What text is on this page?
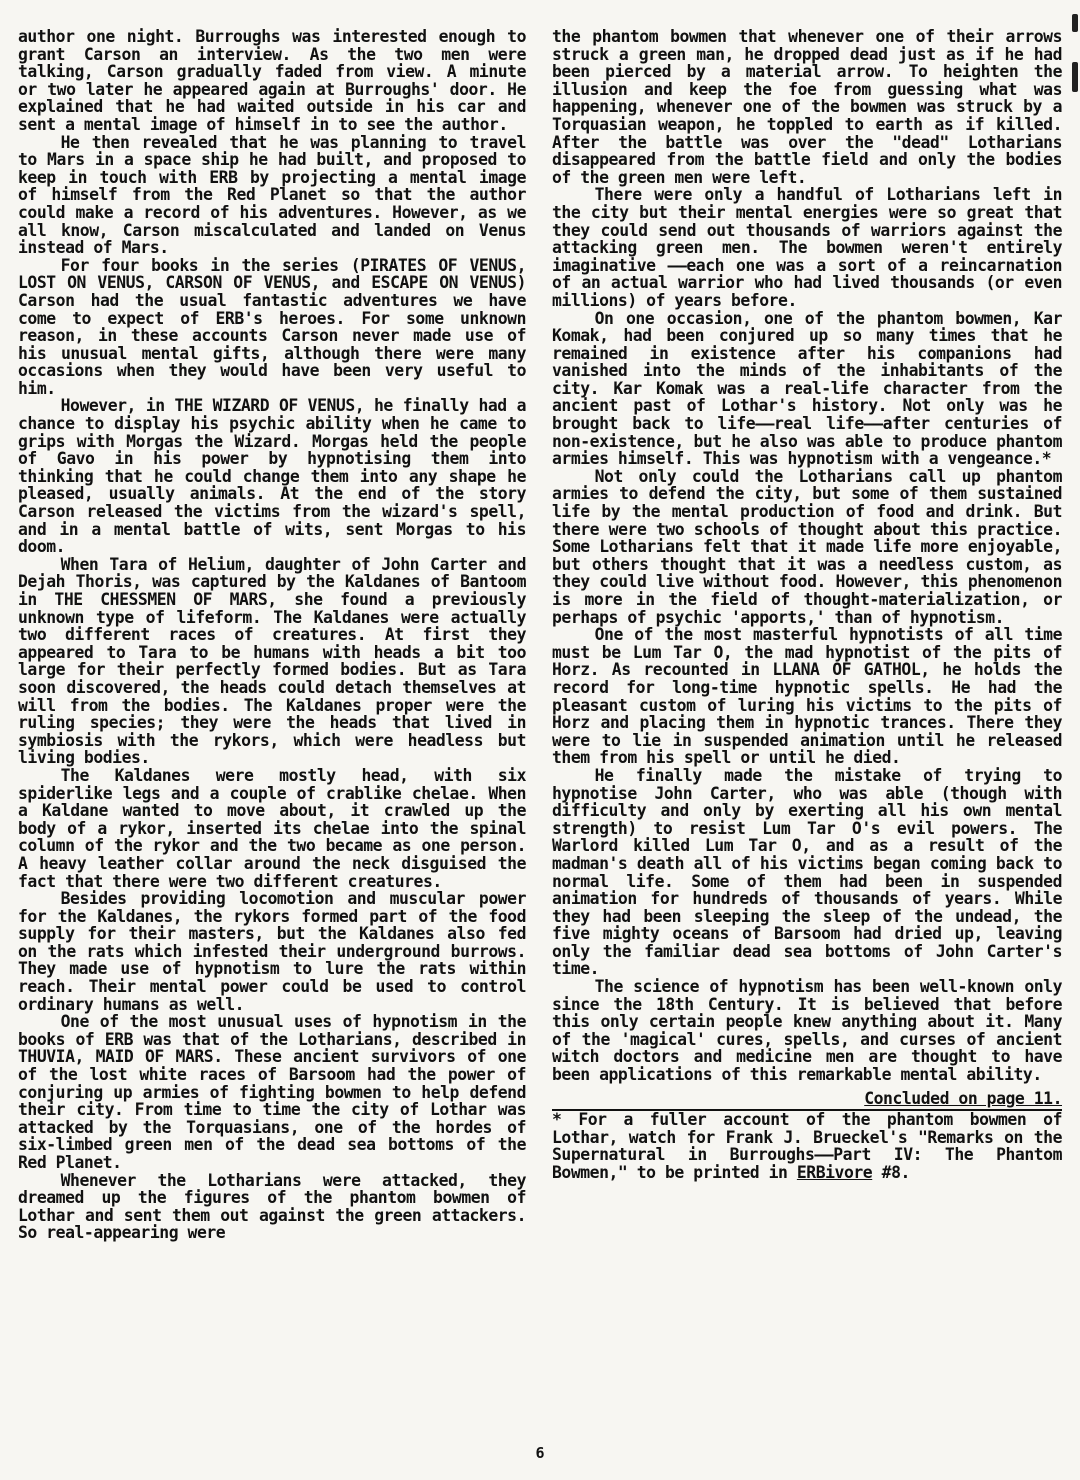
author one night. Burroughs was interested enough to grant Carson an interview. As the two men were talking, Carson gradually faded from view. A minute or two later he appeared again at Burroughs' door. He explained that he had waited outside in his car and sent a mental image of himself in to see the author.

He then revealed that he was planning to travel to Mars in a space ship he had built, and proposed to keep in touch with ERB by projecting a mental image of himself from the Red Planet so that the author could make a record of his adventures. However, as we all know, Carson miscalculated and landed on Venus instead of Mars.

For four books in the series (PIRATES OF VENUS, LOST ON VENUS, CARSON OF VENUS, and ESCAPE ON VENUS) Carson had the usual fantastic adventures we have come to expect of ERB's heroes. For some unknown reason, in these accounts Carson never made use of his unusual mental gifts, although there were many occasions when they would have been very useful to him.

However, in THE WIZARD OF VENUS, he finally had a chance to display his psychic ability when he came to grips with Morgas the Wizard. Morgas held the people of Gavo in his power by hypnotising them into thinking that he could change them into any shape he pleased, usually animals. At the end of the story Carson released the victims from the wizard's spell, and in a mental battle of wits, sent Morgas to his doom.

When Tara of Helium, daughter of John Carter and Dejah Thoris, was captured by the Kaldanes of Bantoom in THE CHESSMEN OF MARS, she found a previously unknown type of lifeform. The Kaldanes were actually two different races of creatures. At first they appeared to Tara to be humans with heads a bit too large for their perfectly formed bodies. But as Tara soon discovered, the heads could detach themselves at will from the bodies. The Kaldanes proper were the ruling species; they were the heads that lived in symbiosis with the rykors, which were headless but living bodies.

The Kaldanes were mostly head, with six spiderlike legs and a couple of crablike chelae. When a Kaldane wanted to move about, it crawled up the body of a rykor, inserted its chelae into the spinal column of the rykor and the two became as one person. A heavy leather collar around the neck disguised the fact that there were two different creatures.

Besides providing locomotion and muscular power for the Kaldanes, the rykors formed part of the food supply for their masters, but the Kaldanes also fed on the rats which infested their underground burrows. They made use of hypnotism to lure the rats within reach. Their mental power could be used to control ordinary humans as well.

One of the most unusual uses of hypnotism in the books of ERB was that of the Lotharians, described in THUVIA, MAID OF MARS. These ancient survivors of one of the lost white races of Barsoom had the power of conjuring up armies of fighting bowmen to help defend their city. From time to time the city of Lothar was attacked by the Torquasians, one of the hordes of six-limbed green men of the dead sea bottoms of the Red Planet.

Whenever the Lotharians were attacked, they dreamed up the figures of the phantom bowmen of Lothar and sent them out against the green attackers. So real-appearing were

the phantom bowmen that whenever one of their arrows struck a green man, he dropped dead just as if he had been pierced by a material arrow. To heighten the illusion and keep the foe from guessing what was happening, whenever one of the bowmen was struck by a Torquasian weapon, he toppled to earth as if killed. After the battle was over the "dead" Lotharians disappeared from the battle field and only the bodies of the green men were left.

There were only a handful of Lotharians left in the city but their mental energies were so great that they could send out thousands of warriors against the attacking green men. The bowmen weren't entirely imaginative ——each one was a sort of a reincarnation of an actual warrior who had lived thousands (or even millions) of years before.

On one occasion, one of the phantom bowmen, Kar Komak, had been conjured up so many times that he remained in existence after his companions had vanished into the minds of the inhabitants of the city. Kar Komak was a real-life character from the ancient past of Lothar's history. Not only was he brought back to life——real life——after centuries of non-existence, but he also was able to produce phantom armies himself. This was hypnotism with a vengeance.*

Not only could the Lotharians call up phantom armies to defend the city, but some of them sustained life by the mental production of food and drink. But there were two schools of thought about this practice. Some Lotharians felt that it made life more enjoyable, but others thought that it was a needless custom, as they could live without food. However, this phenomenon is more in the field of thought-materialization, or perhaps of psychic 'apports,' than of hypnotism.

One of the most masterful hypnotists of all time must be Lum Tar O, the mad hypnotist of the pits of Horz. As recounted in LLANA OF GATHOL, he holds the record for long-time hypnotic spells. He had the pleasant custom of luring his victims to the pits of Horz and placing them in hypnotic trances. There they were to lie in suspended animation until he released them from his spell or until he died.

He finally made the mistake of trying to hypnotise John Carter, who was able (though with difficulty and only by exerting all his own mental strength) to resist Lum Tar O's evil powers. The Warlord killed Lum Tar O, and as a result of the madman's death all of his victims began coming back to normal life. Some of them had been in suspended animation for hundreds of thousands of years. While they had been sleeping the sleep of the undead, the five mighty oceans of Barsoom had dried up, leaving only the familiar dead sea bottoms of John Carter's time.

The science of hypnotism has been well-known only since the 18th Century. It is believed that before this only certain people knew anything about it. Many of the 'magical' cures, spells, and curses of ancient witch doctors and medicine men are thought to have been applications of this remarkable mental ability.

Concluded on page 11.

* For a fuller account of the phantom bowmen of Lothar, watch for Frank J. Brueckel's "Remarks on the Supernatural in Burroughs——Part IV: The Phantom Bowmen," to be printed in ERBivore #8.

6
